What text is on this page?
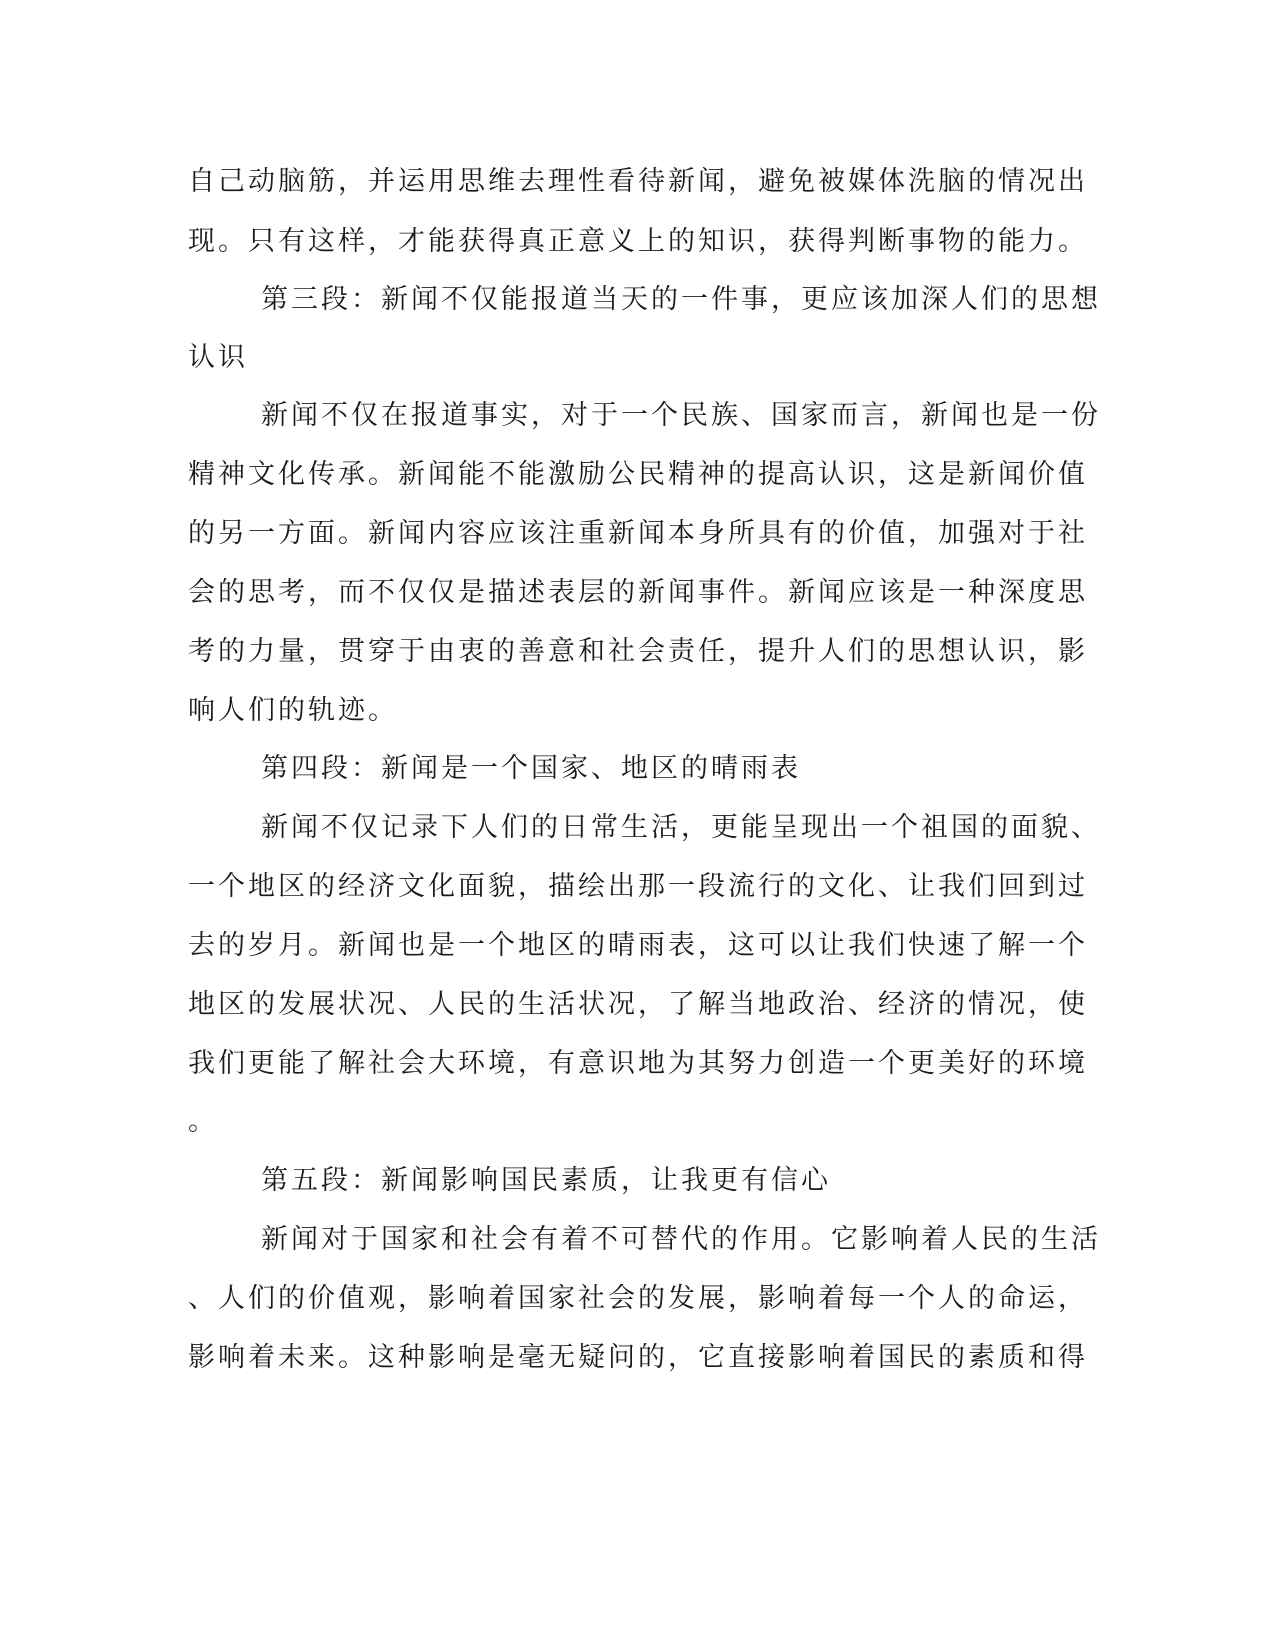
自己动脑筋，并运用思维去理性看待新闻，避免被媒体洗脑的情况出
现。只有这样，才能获得真正意义上的知识，获得判断事物的能力。
第三段：新闻不仅能报道当天的一件事，更应该加深人们的思想
认识
新闻不仅在报道事实，对于一个民族、国家而言，新闻也是一份
精神文化传承。新闻能不能激励公民精神的提高认识，这是新闻价值
的另一方面。新闻内容应该注重新闻本身所具有的价值，加强对于社
会的思考，而不仅仅是描述表层的新闻事件。新闻应该是一种深度思
考的力量，贯穿于由衷的善意和社会责任，提升人们的思想认识，影
响人们的轨迹。
第四段：新闻是一个国家、地区的晴雨表
新闻不仅记录下人们的日常生活，更能呈现出一个祖国的面貌、
一个地区的经济文化面貌，描绘出那一段流行的文化、让我们回到过
去的岁月。新闻也是一个地区的晴雨表，这可以让我们快速了解一个
地区的发展状况、人民的生活状况，了解当地政治、经济的情况，使
我们更能了解社会大环境，有意识地为其努力创造一个更美好的环境
。
第五段：新闻影响国民素质，让我更有信心
新闻对于国家和社会有着不可替代的作用。它影响着人民的生活
、人们的价值观，影响着国家社会的发展，影响着每一个人的命运，
影响着未来。这种影响是毫无疑问的，它直接影响着国民的素质和得
